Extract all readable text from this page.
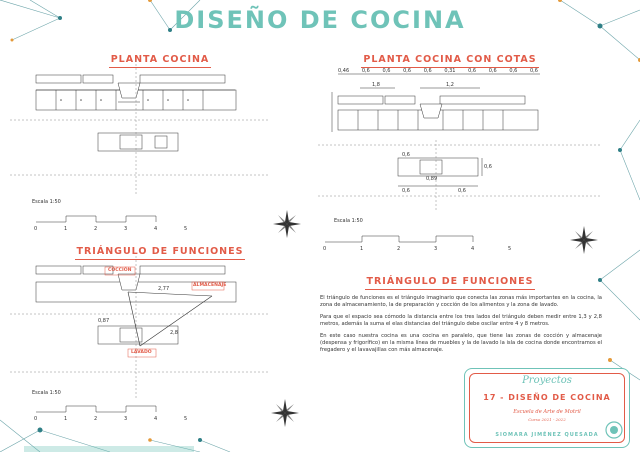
DISEÑO DE COCINA
PLANTA COCINA
Escala 1:50
0	1	2	3	4	5
TRIÁNGULO DE FUNCIONES
COCCIÓN
ALMACENAJE
LAVADO
2,77
0,87
2,8
Escala 1:50
0	1	2	3	4	5
PLANTA COCINA CON COTAS
0,46	0,6	0,6	0,6	0,6	0,31	0,6	0,6	0,6	0,6
1,8	1,2
0,6
0,89
0,6
0,6	0,6
Escala 1:50
0	1	2	3	4	5
TRIÁNGULO DE FUNCIONES

El triángulo de funciones es el triángulo imaginario que conecta las zonas más importantes en la cocina, la zona de almacenamiento, la de preparación y cocción de los alimentos y la zona de lavado.

Para que el espacio sea cómodo la distancia entre los tres lados del triángulo deben medir entre 1,3 y 2,8 metros, además la suma el elas distancias del triángulo debe oscilar entre 4 y 8 metros.

En este caso nuestra cocina es una cocina en paralelo, que tiene las zonas de cocción y almacenaje (despensa y frigorífico) en la misma línea de muebles y la de lavado la isla de cocina donde encontramos el fregadero y el lavavajillas con más almacenaje.

Proyectos
17 - DISEÑO DE COCINA
Escuela de Arte de Motril
Curso 2021 - 2022
SIOMARA JIMÉNEZ QUESADA
